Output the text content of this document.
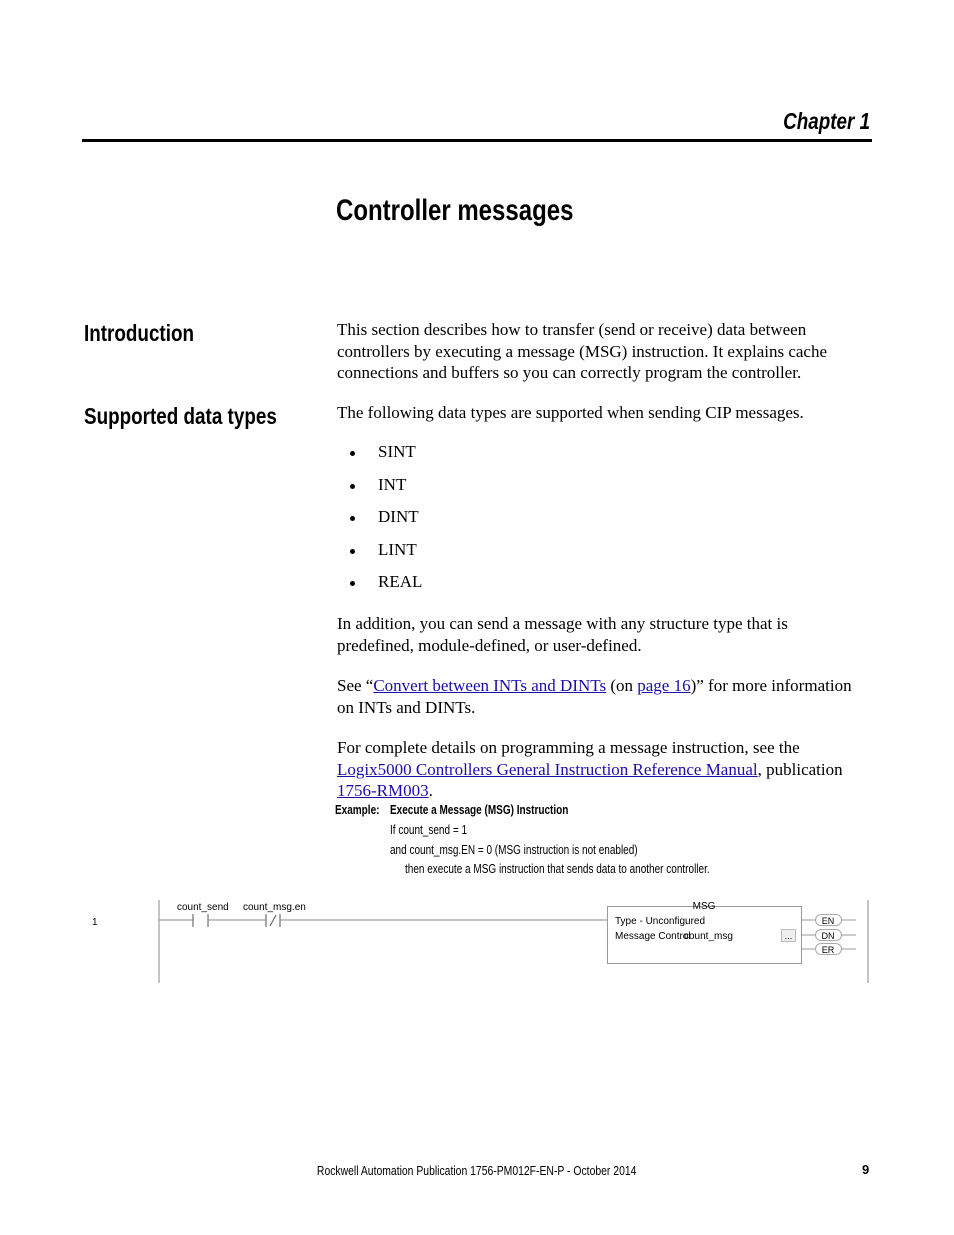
Chapter 1
Controller messages
Introduction	This section describes how to transfer (send or receive) data between controllers by executing a message (MSG) instruction. It explains cache connections and buffers so you can correctly program the controller.
Supported data types	The following data types are supported when sending CIP messages.
SINT
INT
DINT
LINT
REAL
In addition, you can send a message with any structure type that is predefined, module-defined, or user-defined.
See “Convert between INTs and DINTs (on page 16)” for more information on INTs and DINTs.
For complete details on programming a message instruction, see the Logix5000 Controllers General Instruction Reference Manual, publication 1756-RM003.
Example: Execute a Message (MSG) Instruction
If count_send = 1
and count_msg.EN = 0 (MSG instruction is not enabled)
then execute a MSG instruction that sends data to another controller.
1
count_send count_msg.en	MSG
Type - Unconfigured
Message Control
count_msg	...
EN
DN
ER
Rockwell Automation Publication 1756-PM012F-EN-P - October 2014	9
